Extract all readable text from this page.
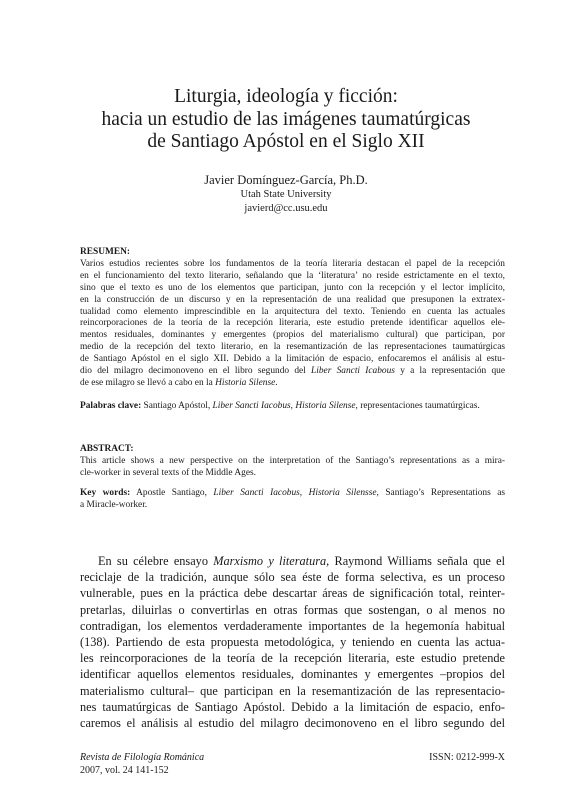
Liturgia, ideología y ficción:
hacia un estudio de las imágenes taumatúrgicas
de Santiago Apóstol en el Siglo XII
Javier Domínguez-García, Ph.D.
Utah State University
javierd@cc.usu.edu
RESUMEN:
Varios estudios recientes sobre los fundamentos de la teoría literaria destacan el papel de la recepción
en el funcionamiento del texto literario, señalando que la ‘literatura’ no reside estrictamente en el texto,
sino que el texto es uno de los elementos que participan, junto con la recepción y el lector implícito,
en la construcción de un discurso y en la representación de una realidad que presuponen la extratex-
tualidad como elemento imprescindible en la arquitectura del texto. Teniendo en cuenta las actuales
reincorporaciones de la teoría de la recepción literaria, este estudio pretende identificar aquellos ele-
mentos residuales, dominantes y emergentes (propios del materialismo cultural) que participan, por
medio de la recepción del texto literario, en la resemantización de las representaciones taumatúrgicas
de Santiago Apóstol en el siglo XII. Debido a la limitación de espacio, enfocaremos el análisis al estu-
dio del milagro decimonoveno en el libro segundo del Liber Sancti Icabous y a la representación que
de ese milagro se llevó a cabo en la Historia Silense.
Palabras clave: Santiago Apóstol, Liber Sancti Iacobus, Historia Silense, representaciones taumatúrgicas.
ABSTRACT:
This article shows a new perspective on the interpretation of the Santiago’s representations as a mira-
cle-worker in several texts of the Middle Ages.
Key words: Apostle Santiago, Liber Sancti Iacobus, Historia Silensse, Santiago’s Representations as
a Miracle-worker.
En su célebre ensayo Marxismo y literatura, Raymond Williams señala que el
reciclaje de la tradición, aunque sólo sea éste de forma selectiva, es un proceso
vulnerable, pues en la práctica debe descartar áreas de significación total, reinter-
pretarlas, diluirlas o convertirlas en otras formas que sostengan, o al menos no
contradigan, los elementos verdaderamente importantes de la hegemonía habitual
(138). Partiendo de esta propuesta metodológica, y teniendo en cuenta las actua-
les reincorporaciones de la teoría de la recepción literaria, este estudio pretende
identificar aquellos elementos residuales, dominantes y emergentes –propios del
materialismo cultural– que participan en la resemantización de las representacio-
nes taumatúrgicas de Santiago Apóstol. Debido a la limitación de espacio, enfo-
caremos el análisis al estudio del milagro decimonoveno en el libro segundo del
Revista de Filología Románica
2007, vol. 24 141-152
ISSN: 0212-999-X
